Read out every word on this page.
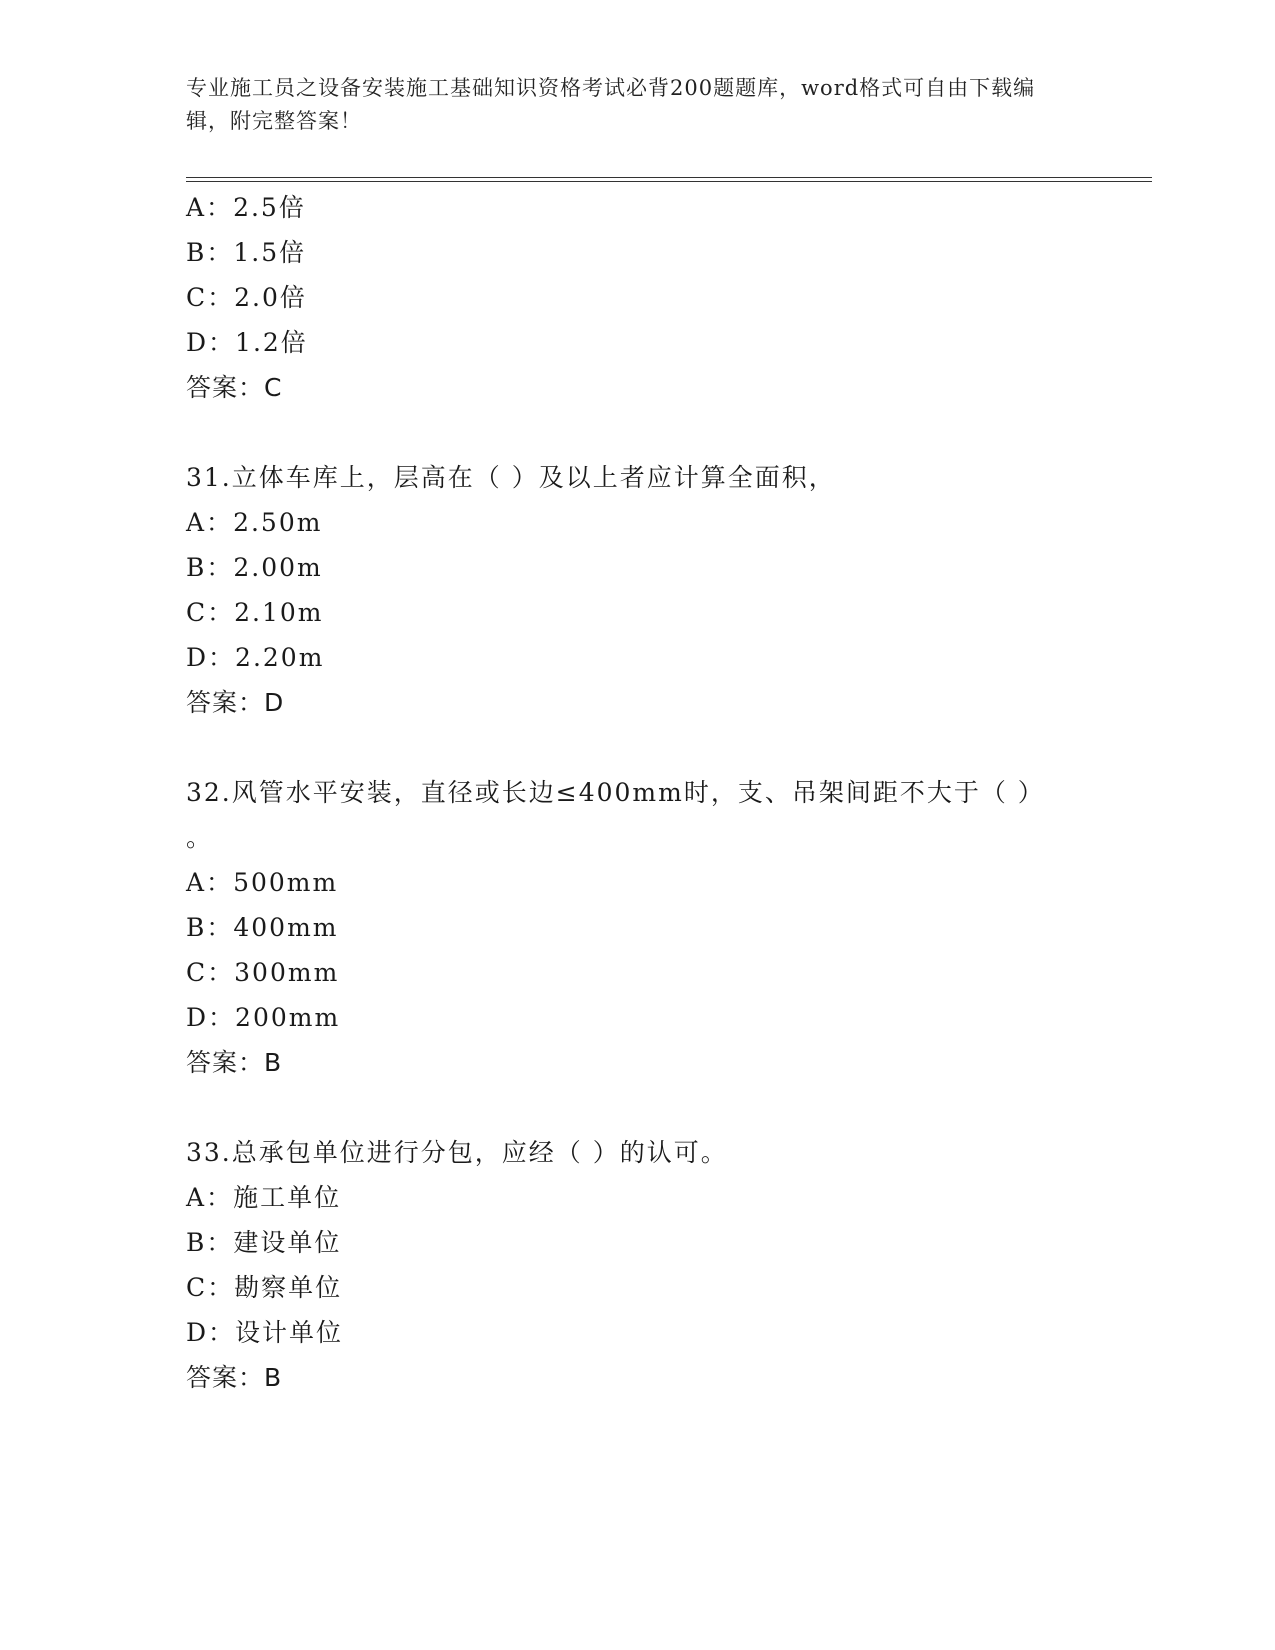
专业施工员之设备安装施工基础知识资格考试必背200题题库，word格式可自由下载编辑，附完整答案！
A：2.5倍
B：1.5倍
C：2.0倍
D：1.2倍
答案：C
31.立体车库上，层高在（ ）及以上者应计算全面积，
A：2.50m
B：2.00m
C：2.10m
D：2.20m
答案：D
32.风管水平安装，直径或长边≤400mm时，支、吊架间距不大于（ ）
。
A：500mm
B：400mm
C：300mm
D：200mm
答案：B
33.总承包单位进行分包，应经（ ）的认可。
A：施工单位
B：建设单位
C：勘察单位
D：设计单位
答案：B
